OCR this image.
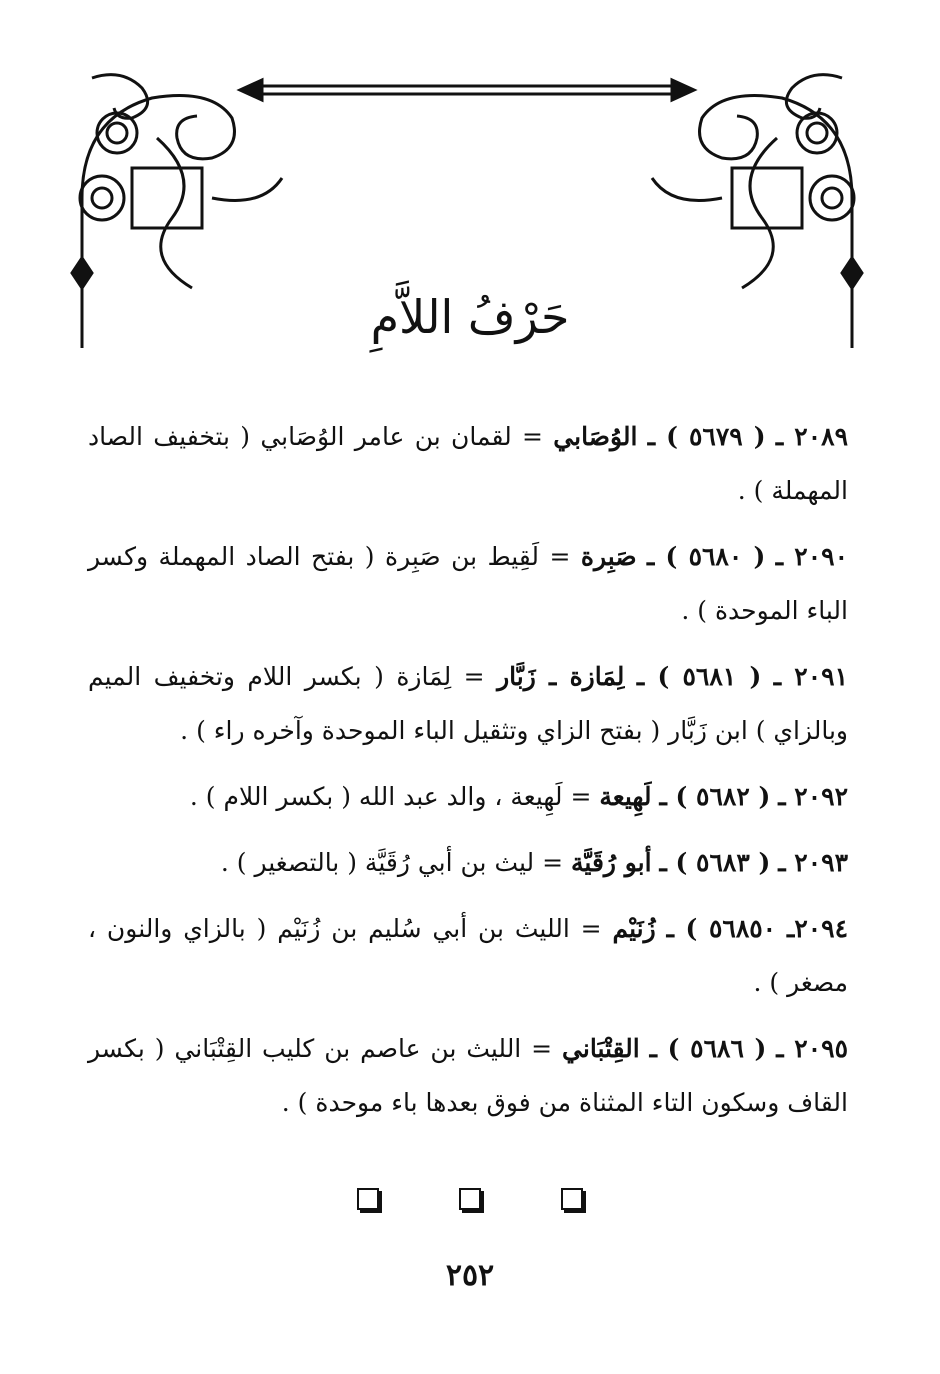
حَرْفُ اللاَّمِ
٢٠٨٩ ـ ( ٥٦٧٩ ) ـ الوُصَابي = لقمان بن عامر الوُصَابي ( بتخفيف الصاد المهملة ) .
٢٠٩٠ ـ ( ٥٦٨٠ ) ـ صَبِرة = لَقِيط بن صَبِرة ( بفتح الصاد المهملة وكسر الباء الموحدة ) .
٢٠٩١ ـ ( ٥٦٨١ ) ـ لِمَازة ـ زَبَّار = لِمَازة ( بكسر اللام وتخفيف الميم وبالزاي ) ابن زَبَّار ( بفتح الزاي وتثقيل الباء الموحدة وآخره راء ) .
٢٠٩٢ ـ ( ٥٦٨٢ ) ـ لَهِيعة = لَهِيعة ، والد عبد الله ( بكسر اللام ) .
٢٠٩٣ ـ ( ٥٦٨٣ ) ـ أبو رُقَيَّة = ليث بن أبي رُقَيَّة ( بالتصغير ) .
٢٠٩٤ـ ٥٦٨٥٠ ) ـ زُنَيْم = الليث بن أبي سُليم بن زُنَيْم ( بالزاي والنون ، مصغر ) .
٢٠٩٥ ـ ( ٥٦٨٦ ) ـ القِتْبَاني = الليث بن عاصم بن كليب القِتْبَاني ( بكسر القاف وسكون التاء المثناة من فوق بعدها باء موحدة ) .
٢٥٢
